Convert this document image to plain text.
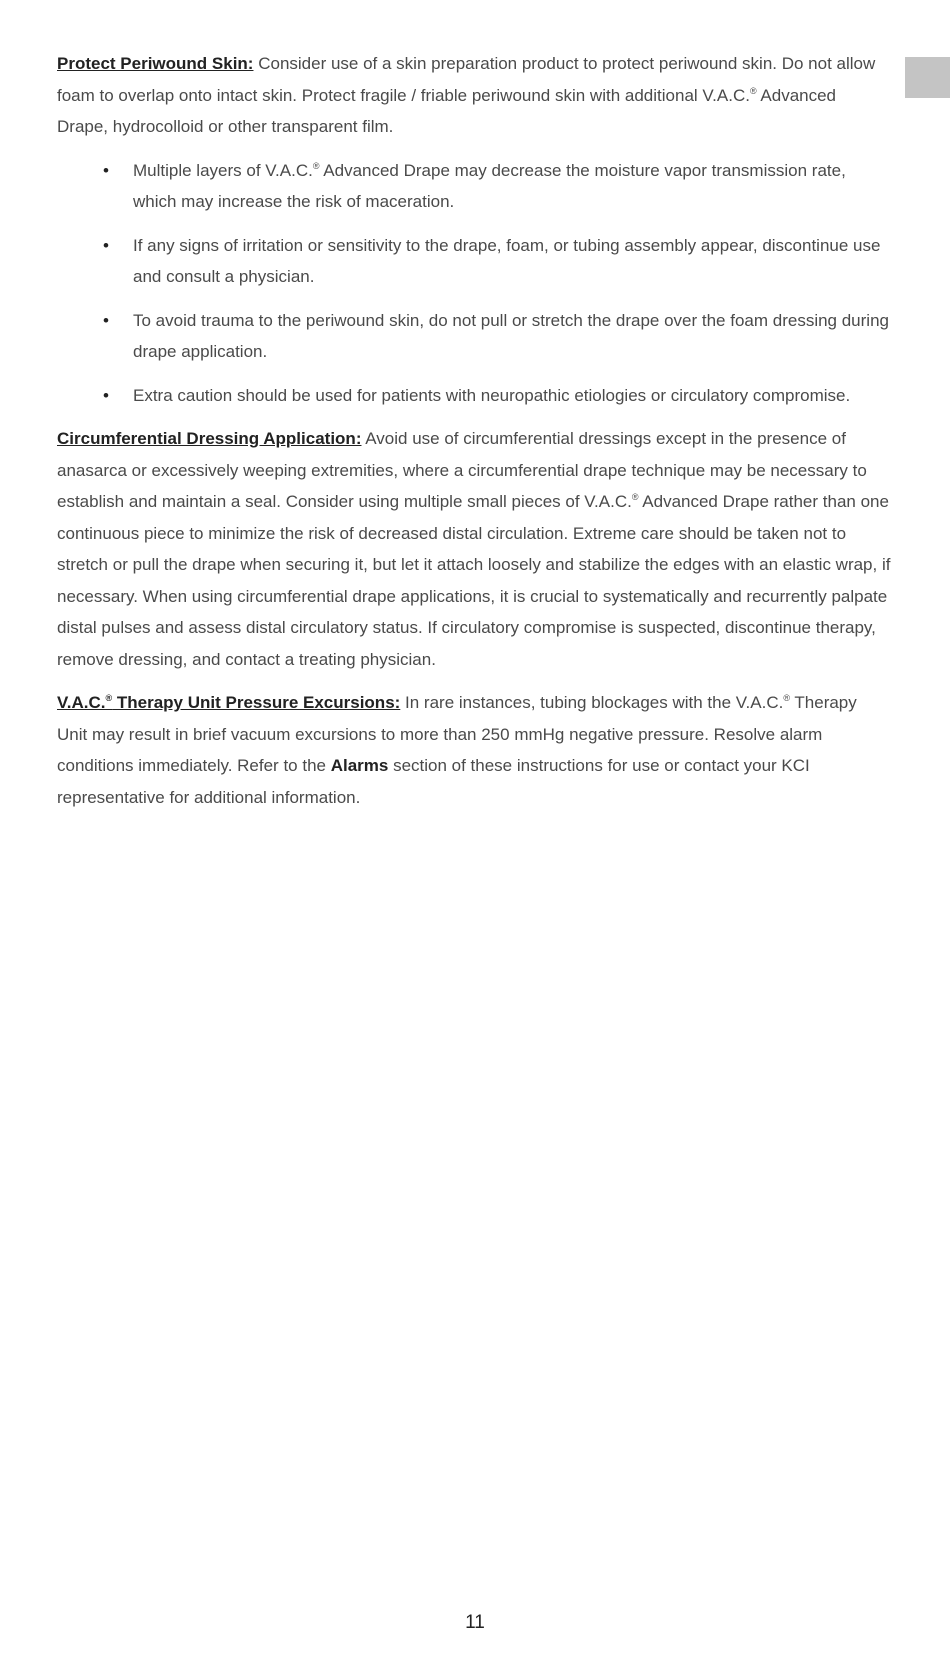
Protect Periwound Skin: Consider use of a skin preparation product to protect periwound skin. Do not allow foam to overlap onto intact skin. Protect fragile / friable periwound skin with additional V.A.C.® Advanced Drape, hydrocolloid or other transparent film.

• Multiple layers of V.A.C.® Advanced Drape may decrease the moisture vapor transmission rate, which may increase the risk of maceration.
• If any signs of irritation or sensitivity to the drape, foam, or tubing assembly appear, discontinue use and consult a physician.
• To avoid trauma to the periwound skin, do not pull or stretch the drape over the foam dressing during drape application.
• Extra caution should be used for patients with neuropathic etiologies or circulatory compromise.

Circumferential Dressing Application: Avoid use of circumferential dressings except in the presence of anasarca or excessively weeping extremities, where a circumferential drape technique may be necessary to establish and maintain a seal. Consider using multiple small pieces of V.A.C.® Advanced Drape rather than one continuous piece to minimize the risk of decreased distal circulation. Extreme care should be taken not to stretch or pull the drape when securing it, but let it attach loosely and stabilize the edges with an elastic wrap, if necessary. When using circumferential drape applications, it is crucial to systematically and recurrently palpate distal pulses and assess distal circulatory status. If circulatory compromise is suspected, discontinue therapy, remove dressing, and contact a treating physician.

V.A.C.® Therapy Unit Pressure Excursions: In rare instances, tubing blockages with the V.A.C.® Therapy Unit may result in brief vacuum excursions to more than 250 mmHg negative pressure. Resolve alarm conditions immediately. Refer to the Alarms section of these instructions for use or contact your KCI representative for additional information.

11
